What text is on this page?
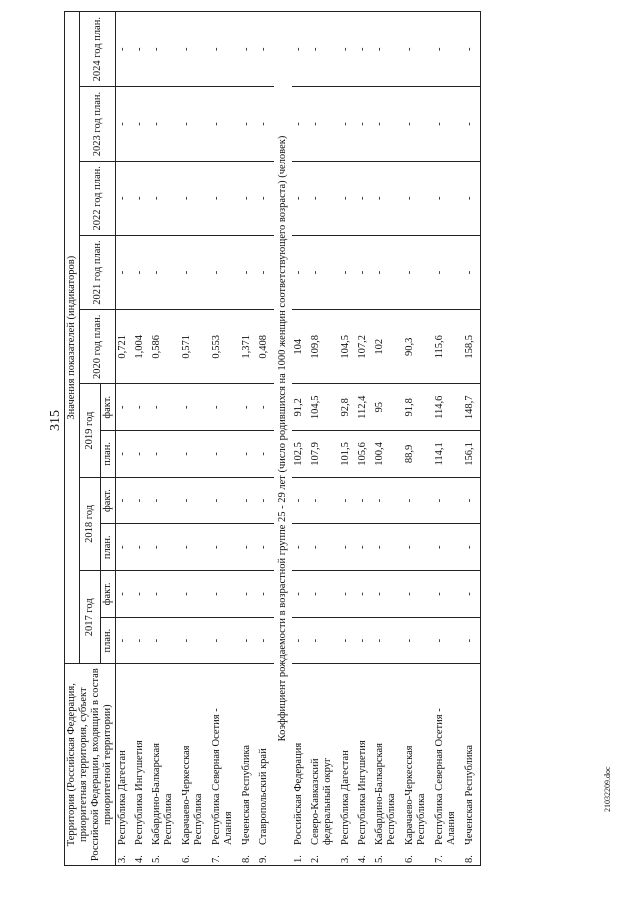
315
21032209.doc
Территория (Российская Федерация, приоритетная территория, субъект Российской Федерации, входящий в состав приоритетной территории)	Значения показателей (индикаторов)										
	2017 год		2018 год		2019 год		2020 год план.	2021 год план.	2022 год план.	2023 год план.	2024 год план.
	план.	факт.	план.	факт.	план.	факт.					
3.Республика Дагестан	-	-	-	-	-	-	0,721	-	-	-	-
4.Республика Ингушетия	-	-	-	-	-	-	1,004	-	-	-	-
5.Кабардино-Балкарская Республика	-	-	-	-	-	-	0,586	-	-	-	-
6.Карачаево-Черкесская Республика	-	-	-	-	-	-	0,571	-	-	-	-
7.Республика Северная Осетия - Алания	-	-	-	-	-	-	0,553	-	-	-	-
8.Чеченская Республика	-	-	-	-	-	-	1,371	-	-	-	-
9.Ставропольский край	-	-	-	-	-	-	0,408	-	-	-	-
Коэффициент рождаемости в возрастной группе 25 - 29 лет (число родившихся на 1000 женщин соответствующего возраста) (человек)											
1.Российская Федерация	-	-	-	-	102,5	91,2	104	-	-	-	-
2.Северо-Кавказский федеральный округ	-	-	-	-	107,9	104,5	109,8	-	-	-	-
3.Республика Дагестан	-	-	-	-	101,5	92,8	104,5	-	-	-	-
4.Республика Ингушетия	-	-	-	-	105,6	112,4	107,2	-	-	-	-
5.Кабардино-Балкарская Республика	-	-	-	-	100,4	95	102	-	-	-	-
6.Карачаево-Черкесская Республика	-	-	-	-	88,9	91,8	90,3	-	-	-	-
7.Республика Северная Осетия - Алания	-	-	-	-	114,1	114,6	115,6	-	-	-	-
8.Чеченская Республика	-	-	-	-	156,1	148,7	158,5	-	-	-	-
